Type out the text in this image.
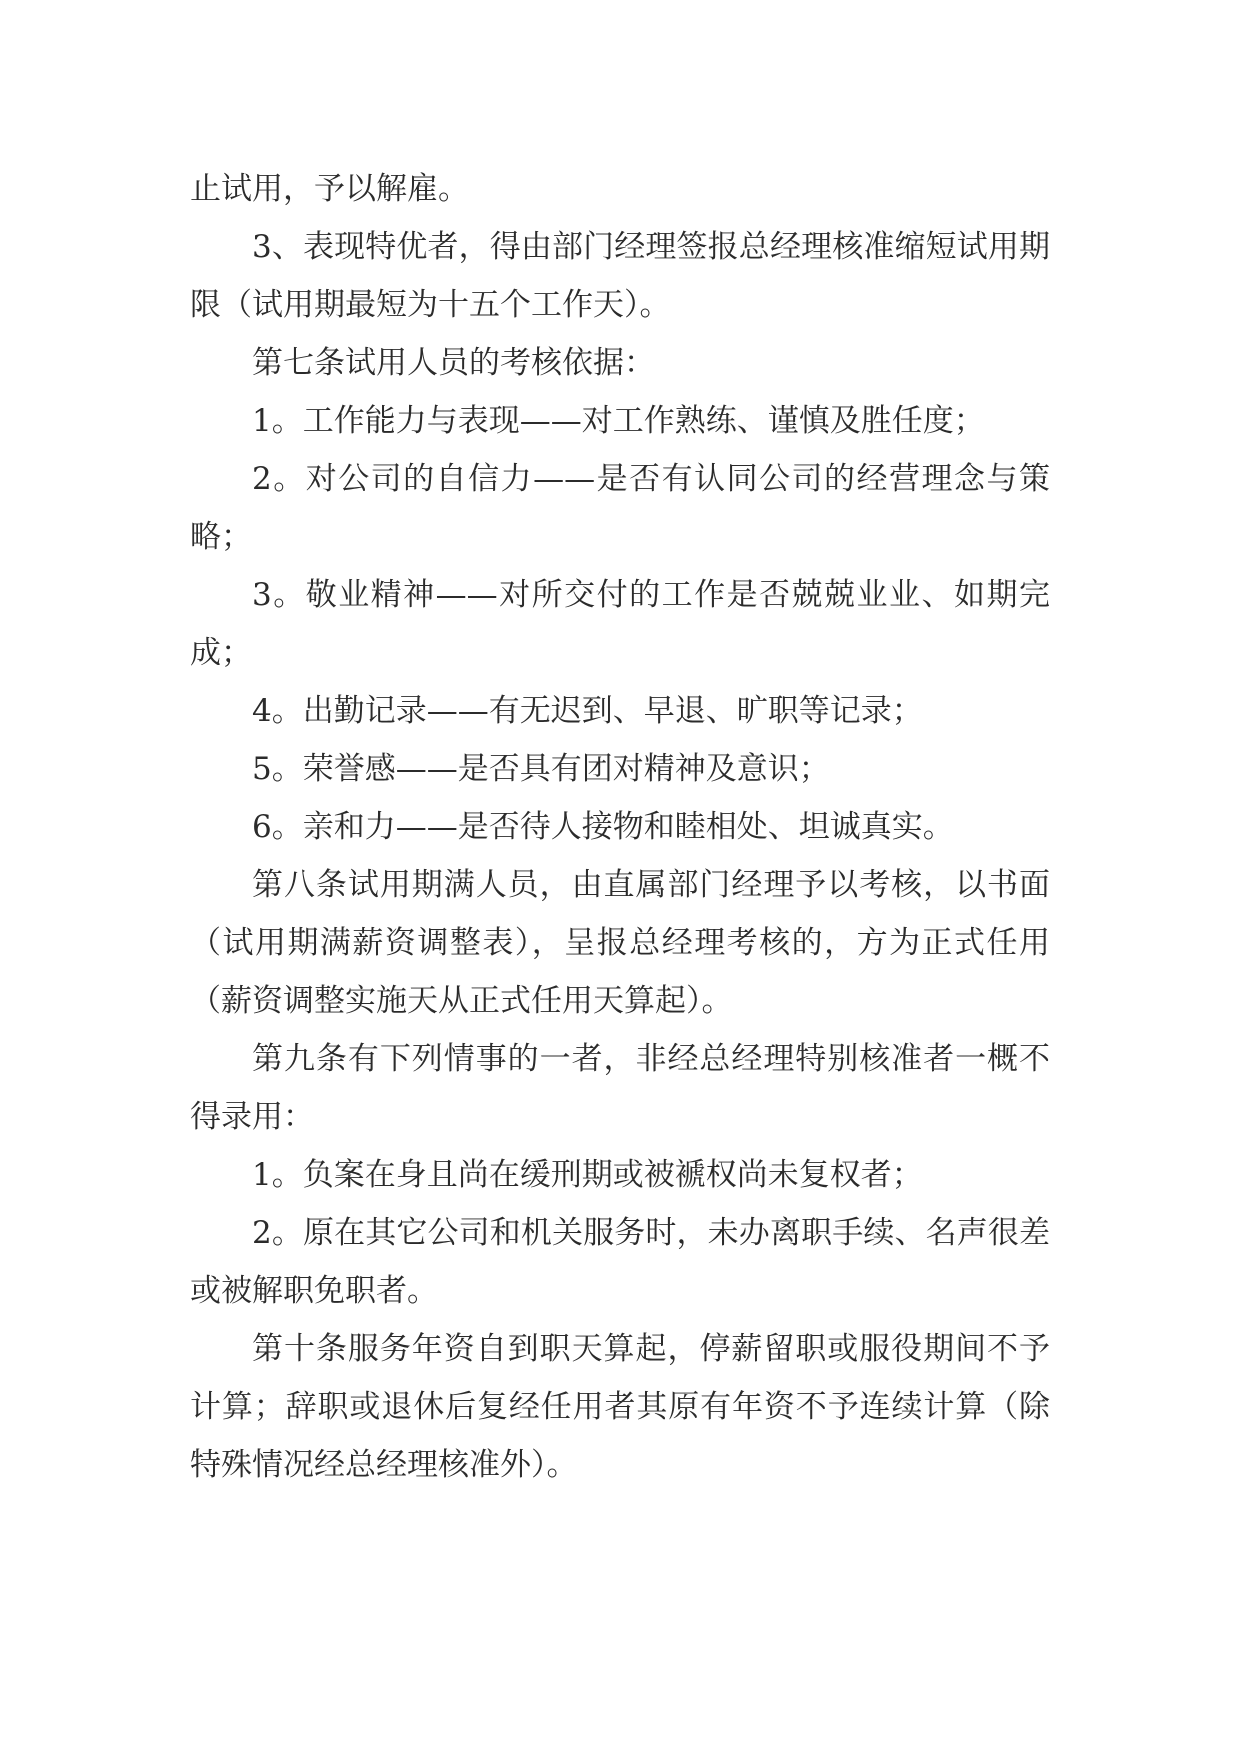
止试用，予以解雇。

3、表现特优者，得由部门经理签报总经理核准缩短试用期限（试用期最短为十五个工作天）。

第七条试用人员的考核依据：

1。工作能力与表现——对工作熟练、谨慎及胜任度；

2。对公司的自信力——是否有认同公司的经营理念与策略；

3。敬业精神——对所交付的工作是否兢兢业业、如期完成；

4。出勤记录——有无迟到、早退、旷职等记录；

5。荣誉感——是否具有团对精神及意识；

6。亲和力——是否待人接物和睦相处、坦诚真实。

第八条试用期满人员，由直属部门经理予以考核，以书面（试用期满薪资调整表），呈报总经理考核的，方为正式任用（薪资调整实施天从正式任用天算起）。

第九条有下列情事的一者，非经总经理特别核准者一概不得录用：

1。负案在身且尚在缓刑期或被褫权尚未复权者；

2。原在其它公司和机关服务时，未办离职手续、名声很差或被解职免职者。

第十条服务年资自到职天算起，停薪留职或服役期间不予计算；辞职或退休后复经任用者其原有年资不予连续计算（除特殊情况经总经理核准外）。
